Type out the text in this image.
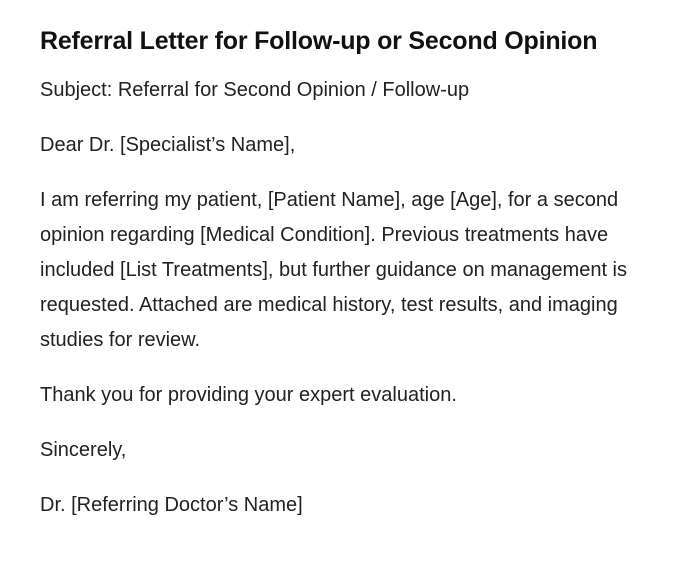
Referral Letter for Follow-up or Second Opinion

Subject: Referral for Second Opinion / Follow-up

Dear Dr. [Specialist’s Name],

I am referring my patient, [Patient Name], age [Age], for a second opinion regarding [Medical Condition]. Previous treatments have included [List Treatments], but further guidance on management is requested. Attached are medical history, test results, and imaging studies for review.

Thank you for providing your expert evaluation.

Sincerely,

Dr. [Referring Doctor’s Name]
